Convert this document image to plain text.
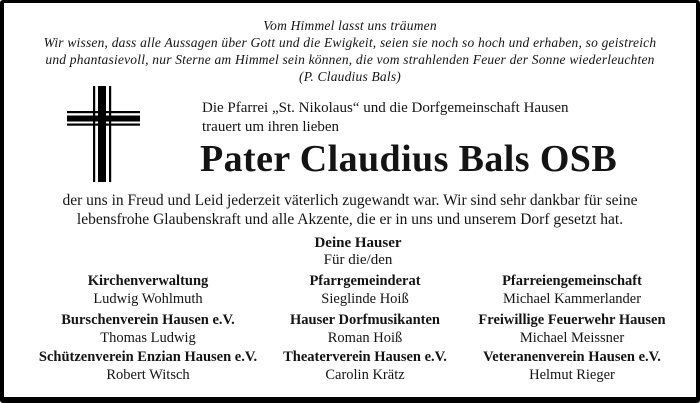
Vom Himmel lasst uns träumen
Wir wissen, dass alle Aussagen über Gott und die Ewigkeit, seien sie noch so hoch und erhaben, so geistreich
und phantasievoll, nur Sterne am Himmel sein können, die vom strahlenden Feuer der Sonne wiederleuchten
(P. Claudius Bals)
Die Pfarrei „St. Nikolaus“ und die Dorfgemeinschaft Hausen
trauert um ihren lieben
Pater Claudius Bals OSB
der uns in Freud und Leid jederzeit väterlich zugewandt war. Wir sind sehr dankbar für seine
lebensfrohe Glaubenskraft und alle Akzente, die er in uns und unserem Dorf gesetzt hat.
Deine Hauser
Für die/den
Kirchenverwaltung
Ludwig Wohlmuth
Pfarrgemeinderat
Sieglinde Hoiß
Pfarreiengemeinschaft
Michael Kammerlander
Burschenverein Hausen e.V.
Thomas Ludwig
Hauser Dorfmusikanten
Roman Hoiß
Freiwillige Feuerwehr Hausen
Michael Meissner
Schützenverein Enzian Hausen e.V.
Robert Witsch
Theaterverein Hausen e.V.
Carolin Krätz
Veteranenverein Hausen e.V.
Helmut Rieger
